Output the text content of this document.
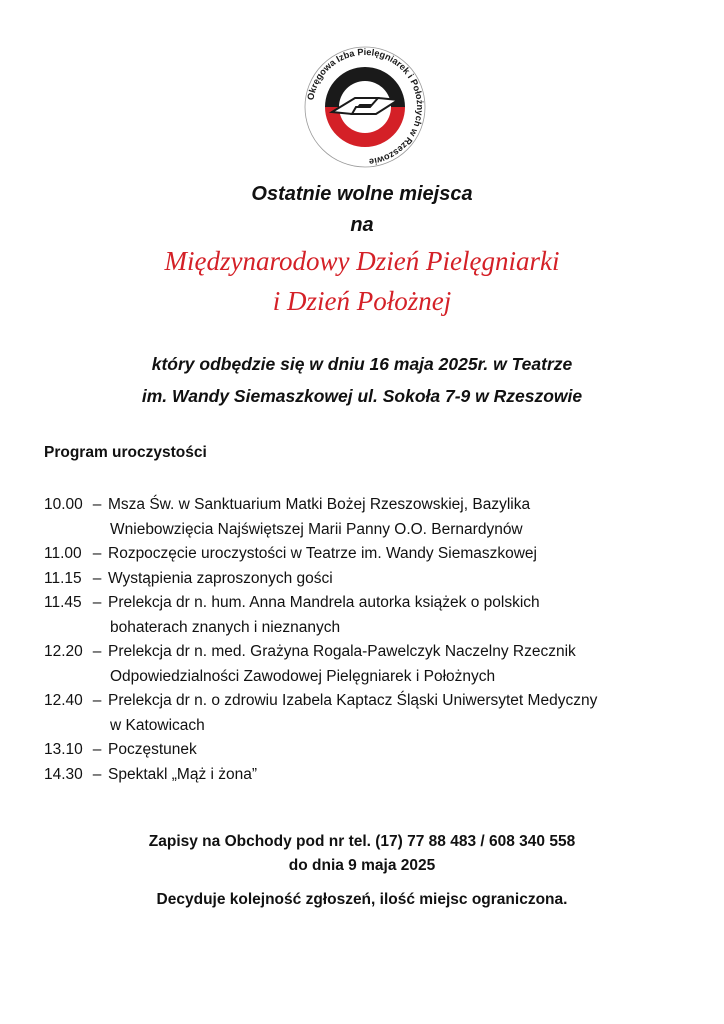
Okręgowa Izba Pielęgniarek i Położnych w Rzeszowie
Ostatnie wolne miejsca
na
Międzynarodowy Dzień Pielęgniarki
i Dzień Położnej
który odbędzie się w dniu 16 maja 2025r. w Teatrze
im. Wandy Siemaszkowej ul. Sokoła 7-9 w Rzeszowie
Program uroczystości
10.00 – Msza Św. w Sanktuarium Matki Bożej Rzeszowskiej, Bazylika
Wniebowzięcia Najświętszej Marii Panny O.O. Bernardynów
11.00 – Rozpoczęcie uroczystości w Teatrze im. Wandy Siemaszkowej
11.15 – Wystąpienia zaproszonych gości
11.45 – Prelekcja dr n. hum. Anna Mandrela autorka książek o polskich
bohaterach znanych i nieznanych
12.20 – Prelekcja dr n. med. Grażyna Rogala-Pawelczyk Naczelny Rzecznik
Odpowiedzialności Zawodowej Pielęgniarek i Położnych
12.40 – Prelekcja dr n. o zdrowiu Izabela Kaptacz Śląski Uniwersytet Medyczny
w Katowicach
13.10 – Poczęstunek
14.30 – Spektakl „Mąż i żona”
Zapisy na Obchody pod nr tel. (17) 77 88 483 / 608 340 558
do dnia 9 maja 2025
Decyduje kolejność zgłoszeń, ilość miejsc ograniczona.
